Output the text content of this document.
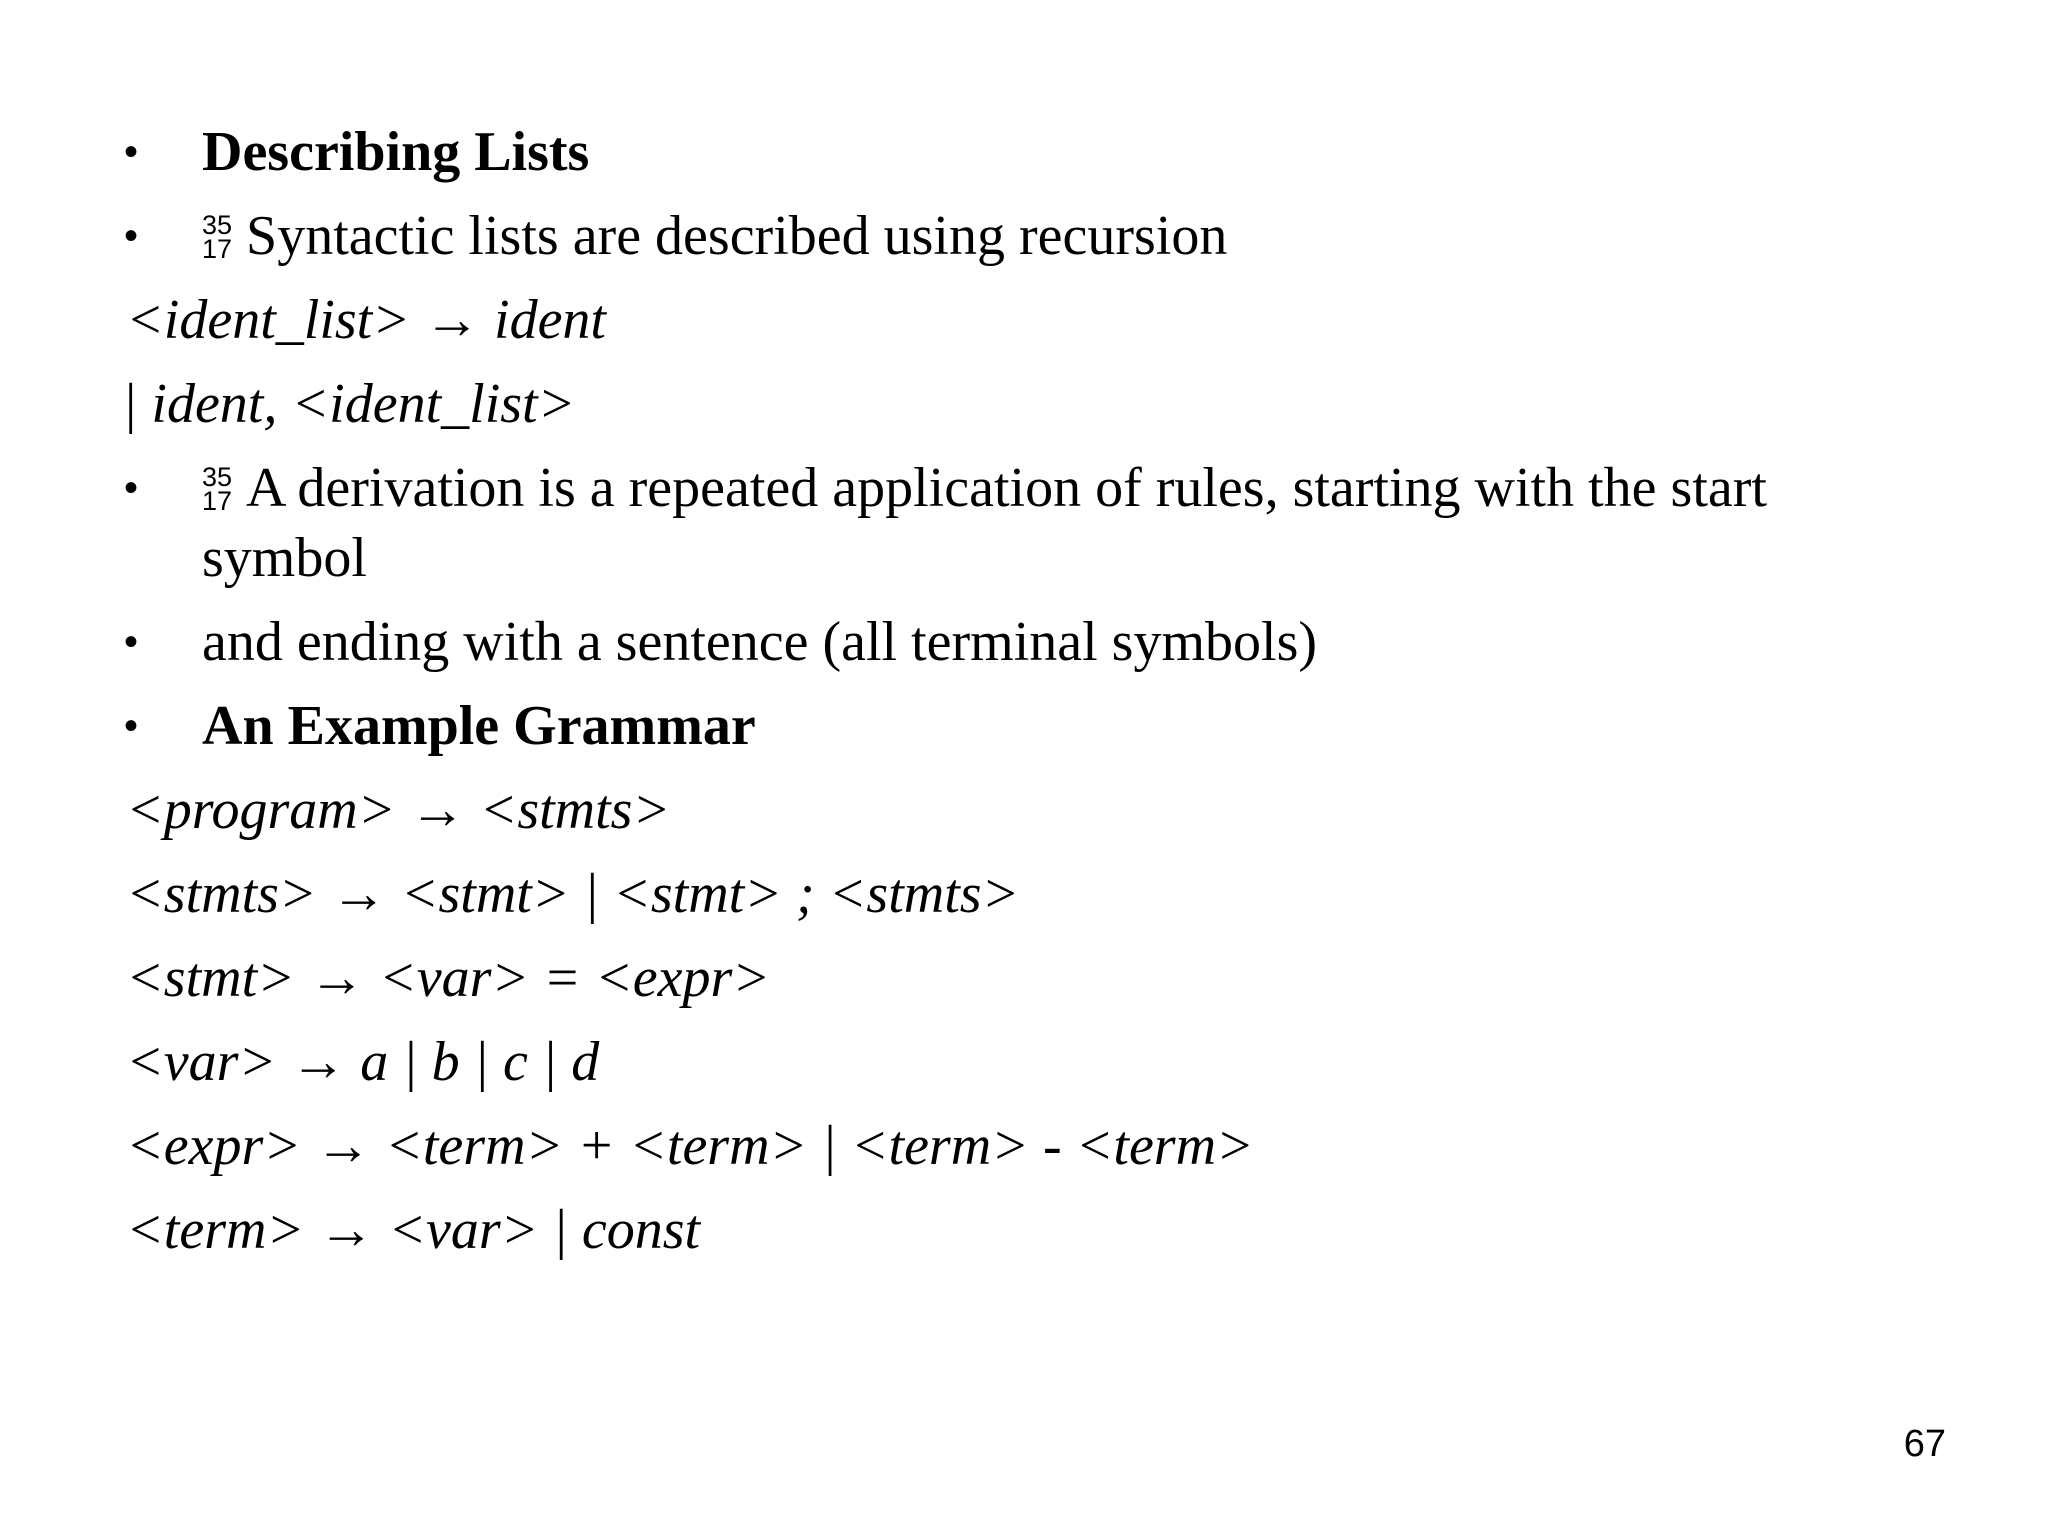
• Describing Lists
• 35
17 Syntactic lists are described using recursion
<ident_list> → ident
| ident, <ident_list>
• 35
17 A derivation is a repeated application of rules, starting with the start
symbol
• and ending with a sentence (all terminal symbols)
• An Example Grammar
<program> → <stmts>
<stmts> → <stmt> | <stmt> ; <stmts>
<stmt> → <var> = <expr>
<var> → a | b | c | d
<expr> → <term> + <term> | <term> - <term>
<term> → <var> | const
67
